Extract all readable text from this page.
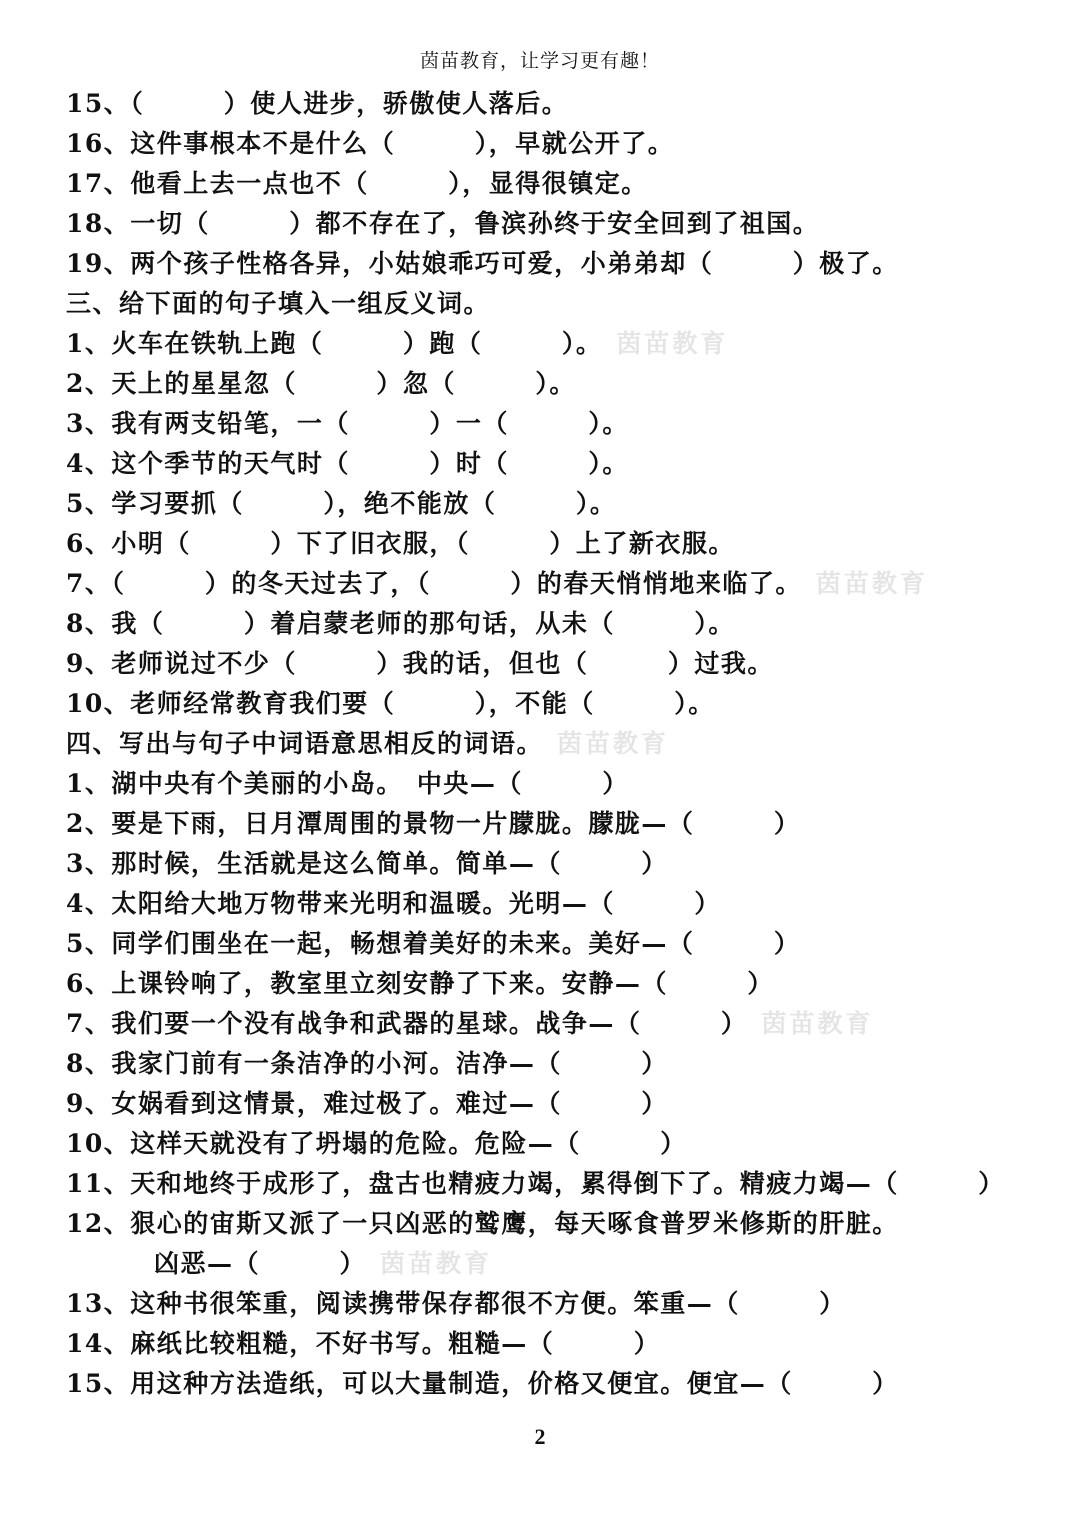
茵苗教育，让学习更有趣！
15、（　　　）使人进步，骄傲使人落后。
16、这件事根本不是什么（　　　），早就公开了。
17、他看上去一点也不（　　　），显得很镇定。
18、一切（　　　）都不存在了，鲁滨孙终于安全回到了祖国。
19、两个孩子性格各异，小姑娘乖巧可爱，小弟弟却（　　　）极了。
三、给下面的句子填入一组反义词。
1、火车在铁轨上跑（　　　）跑（　　　）。 茵苗教育
2、天上的星星忽（　　　）忽（　　　）。
3、我有两支铅笔，一（　　　）一（　　　）。
4、这个季节的天气时（　　　）时（　　　）。
5、学习要抓（　　　），绝不能放（　　　）。
6、小明（　　　）下了旧衣服，（　　　）上了新衣服。
7、（　　　）的冬天过去了，（　　　）的春天悄悄地来临了。 茵苗教育
8、我（　　　）着启蒙老师的那句话，从未（　　　）。
9、老师说过不少（　　　）我的话，但也（　　　）过我。
10、老师经常教育我们要（　　　），不能（　　　）。
四、写出与句子中词语意思相反的词语。 茵苗教育
1、湖中央有个美丽的小岛。　中央—（　　　）
2、要是下雨，日月潭周围的景物一片朦胧。朦胧—（　　　）
3、那时候，生活就是这么简单。简单—（　　　）
4、太阳给大地万物带来光明和温暖。光明—（　　　）
5、同学们围坐在一起，畅想着美好的未来。美好—（　　　）
6、上课铃响了，教室里立刻安静了下来。安静—（　　　）
7、我们要一个没有战争和武器的星球。战争—（　　　） 茵苗教育
8、我家门前有一条洁净的小河。洁净—（　　　）
9、女娲看到这情景，难过极了。难过—（　　　）
10、这样天就没有了坍塌的危险。危险—（　　　）
11、天和地终于成形了，盘古也精疲力竭，累得倒下了。精疲力竭—（　　　）
12、狠心的宙斯又派了一只凶恶的鹫鹰，每天啄食普罗米修斯的肝脏。
凶恶—（　　　） 茵苗教育
13、这种书很笨重，阅读携带保存都很不方便。笨重—（　　　）
14、麻纸比较粗糙，不好书写。粗糙—（　　　）
15、用这种方法造纸，可以大量制造，价格又便宜。便宜—（　　　）
2
